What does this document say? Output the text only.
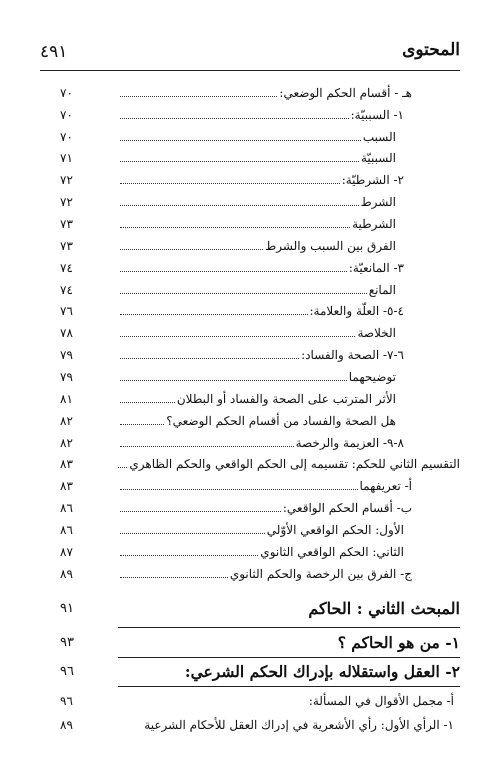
المحتوى
٤٩١
٧٠	هـ - أقسام الحكم الوضعي:
٧٠	١- السببيّة:
٧٠	السبب
٧١	السببيّة
٧٢	٢- الشرطيّة:
٧٢	الشرط
٧٣	الشرطية
٧٣	الفرق بين السبب والشرط
٧٤	٣- المانعيّة:
٧٤	المانع
٧٦	٤-٥- العلّة والعلامة:
٧٨	الخلاصة
٧٩	٦-٧- الصحة والفساد:
٧٩	توضيحهما
٨١	الأثر المترتب على الصحة والفساد أو البطلان
٨٢	هل الصحة والفساد من أقسام الحكم الوضعي؟
٨٢	٨-٩- العزيمة والرخصة
٨٣	التقسيم الثاني للحكم: تقسيمه إلى الحكم الواقعي والحكم الظاهري
٨٣	أ- تعريفهما
٨٦	ب- أقسام الحكم الواقعي:
٨٦	الأول: الحكم الواقعي الأوّلي
٨٧	الثاني: الحكم الواقعي الثانوي
٨٩	ج- الفرق بين الرخصة والحكم الثانوي
٩١	المبحث الثاني : الحاكم
٩٣	١- من هو الحاكم ؟
٩٦	٢- العقل واستقلاله بإدراك الحكم الشرعي:
٩٦	أ- مجمل الأقوال في المسألة:
٨٩	١- الرأي الأول: رأي الأشعرية في إدراك العقل للأحكام الشرعية
